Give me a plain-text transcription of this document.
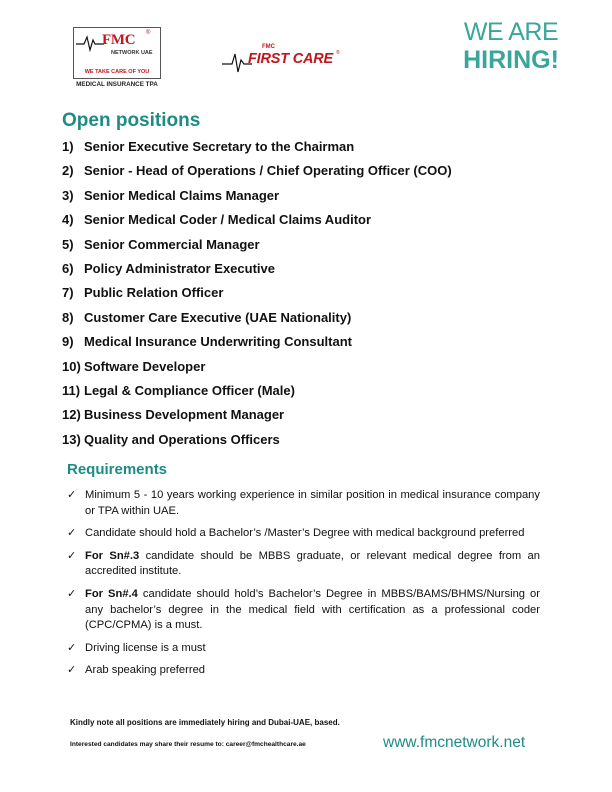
FMC ®
NETWORK UAE
WE TAKE CARE OF YOU
MEDICAL INSURANCE TPA
FMC
FIRST CARE ®
WE ARE
HIRING!
Open positions
1) Senior Executive Secretary to the Chairman
2) Senior - Head of Operations / Chief Operating Officer (COO)
3) Senior Medical Claims Manager
4) Senior Medical Coder / Medical Claims Auditor
5) Senior Commercial Manager
6) Policy Administrator Executive
7) Public Relation Officer
8) Customer Care Executive (UAE Nationality)
9) Medical Insurance Underwriting Consultant
10) Software Developer
11) Legal & Compliance Officer (Male)
12) Business Development Manager
13) Quality and Operations Officers
Requirements
✓ Minimum 5 - 10 years working experience in similar position in medical insurance company or TPA within UAE.
✓ Candidate should hold a Bachelor’s /Master’s Degree with medical background preferred
✓ For Sn#.3 candidate should be MBBS graduate, or relevant medical degree from an accredited institute.
✓ For Sn#.4 candidate should hold’s Bachelor’s Degree in MBBS/BAMS/BHMS/Nursing or any bachelor’s degree in the medical field with certification as a professional coder (CPC/CPMA) is a must.
✓ Driving license is a must
✓ Arab speaking preferred
Kindly note all positions are immediately hiring and Dubai-UAE, based.
Interested candidates may share their resume to: career@fmchealthcare.ae	www.fmcnetwork.net
